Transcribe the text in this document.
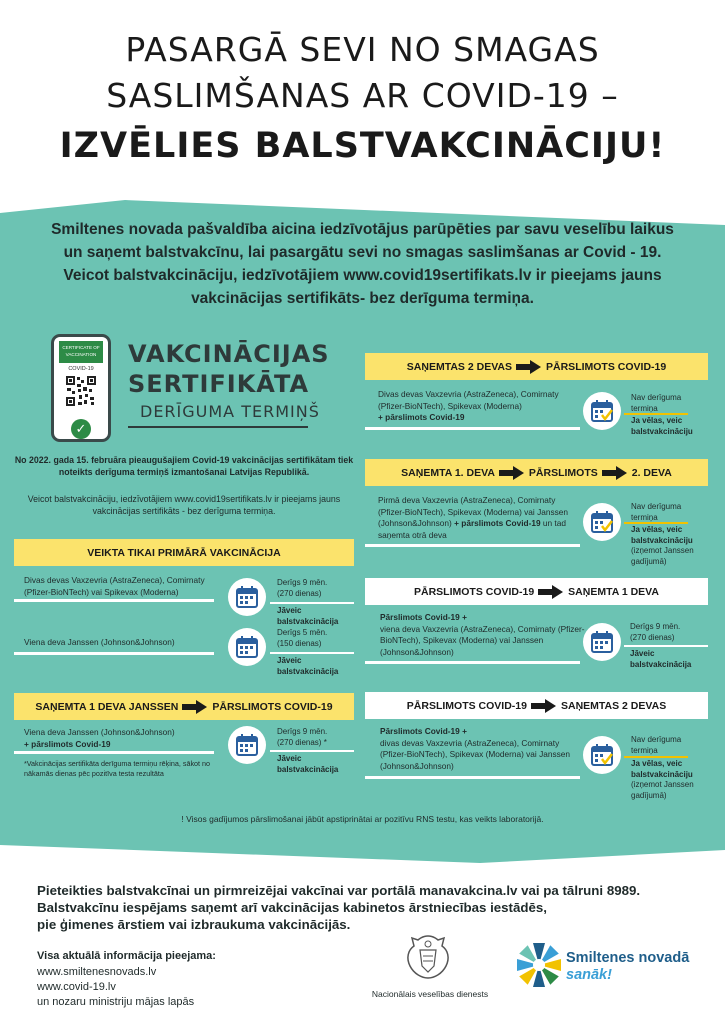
PASARGĀ SEVI NO SMAGAS
SASLIMŠANAS AR COVID-19 –
IZVĒLIES BALSTVAKCINĀCIJU!
Smiltenes novada pašvaldība aicina iedzīvotājus parūpēties par savu veselību laikus un saņemt balstvakcīnu, lai pasargātu sevi no smagas saslimšanas ar Covid - 19. Veicot balstvakcināciju, iedzīvotājiem www.covid19sertifikats.lv ir pieejams jauns vakcinācijas sertifikāts- bez derīguma termiņa.
CERTIFICATE OF VACCINATION
COVID-19
✓
VAKCINĀCIJAS
SERTIFIKĀTA
DERĪGUMA TERMIŅŠ
No 2022. gada 15. februāra pieaugušajiem Covid-19 vakcinācijas sertifikātam tiek noteikts derīguma termiņš izmantošanai Latvijas Republikā.
Veicot balstvakcināciju, iedzīvotājiem www.covid19sertifikats.lv ir pieejams jauns vakcinācijas sertifikāts - bez derīguma termiņa.
VEIKTA TIKAI PRIMĀRĀ VAKCINĀCIJA
Divas devas Vaxzevria (AstraZeneca), Comirnaty (Pfizer-BioNTech) vai Spikevax (Moderna)
Derīgs 9 mēn.
(270 dienas)
Jāveic balstvakcinācija
Viena deva Janssen (Johnson&Johnson)
Derīgs 5 mēn.
(150 dienas)
Jāveic balstvakcinācija
SAŅEMTA 1 DEVA JANSSEN	PĀRSLIMOTS COVID-19
Viena deva Janssen (Johnson&Johnson)
+ pārslimots Covid-19
*Vakcinācijas sertifikāta derīguma termiņu rēķina, sākot no nākamās dienas pēc pozitīva testa rezultāta
Derīgs 9 mēn.
(270 dienas) *
Jāveic balstvakcinācija
SAŅEMTAS 2 DEVAS	PĀRSLIMOTS COVID-19
Divas devas Vaxzevria (AstraZeneca), Comirnaty (Pfizer-BioNTech), Spikevax (Moderna)
+ pārslimots Covid-19
Nav derīguma termiņa
Ja vēlas, veic balstvakcināciju
SAŅEMTA 1. DEVA	PĀRSLIMOTS	2. DEVA
Pirmā deva Vaxzevria (AstraZeneca), Comirnaty (Pfizer-BioNTech), Spikevax (Moderna) vai Janssen (Johnson&Johnson) + pārslimots Covid-19 un tad saņemta otrā deva
Nav derīguma termiņa
Ja vēlas, veic balstvakcināciju
(izņemot Janssen gadījumā)
PĀRSLIMOTS COVID-19	SAŅEMTA 1 DEVA
Pārslimots Covid-19 +
viena deva Vaxzevria (AstraZeneca), Comirnaty (Pfizer-BioNTech), Spikevax (Moderna) vai Janssen (Johnson&Johnson)
Derīgs 9 mēn.
(270 dienas)
Jāveic balstvakcinācija
PĀRSLIMOTS COVID-19	SAŅEMTAS 2 DEVAS
Pārslimots Covid-19 +
divas devas Vaxzevria (AstraZeneca), Comirnaty (Pfizer-BioNTech), Spikevax (Moderna) vai Janssen (Johnson&Johnson)
Nav derīguma termiņa
Ja vēlas, veic balstvakcināciju
(izņemot Janssen gadījumā)
! Visos gadījumos pārslimošanai jābūt apstiprinātai ar pozitīvu RNS testu, kas veikts laboratorijā.
Pieteikties balstvakcīnai un pirmreizējai vakcīnai var portālā manavakcina.lv vai pa tālruni 8989.
Balstvakcīnu iespējams saņemt arī vakcinācijas kabinetos ārstniecības iestādēs,
pie ģimenes ārstiem vai izbraukuma vakcinācijās.
Visa aktuālā informācija pieejama:
www.smiltenesnovads.lv
www.covid-19.lv
un nozaru ministriju mājas lapās
Nacionālais veselības dienests
Smiltenes novadā
sanāk!
